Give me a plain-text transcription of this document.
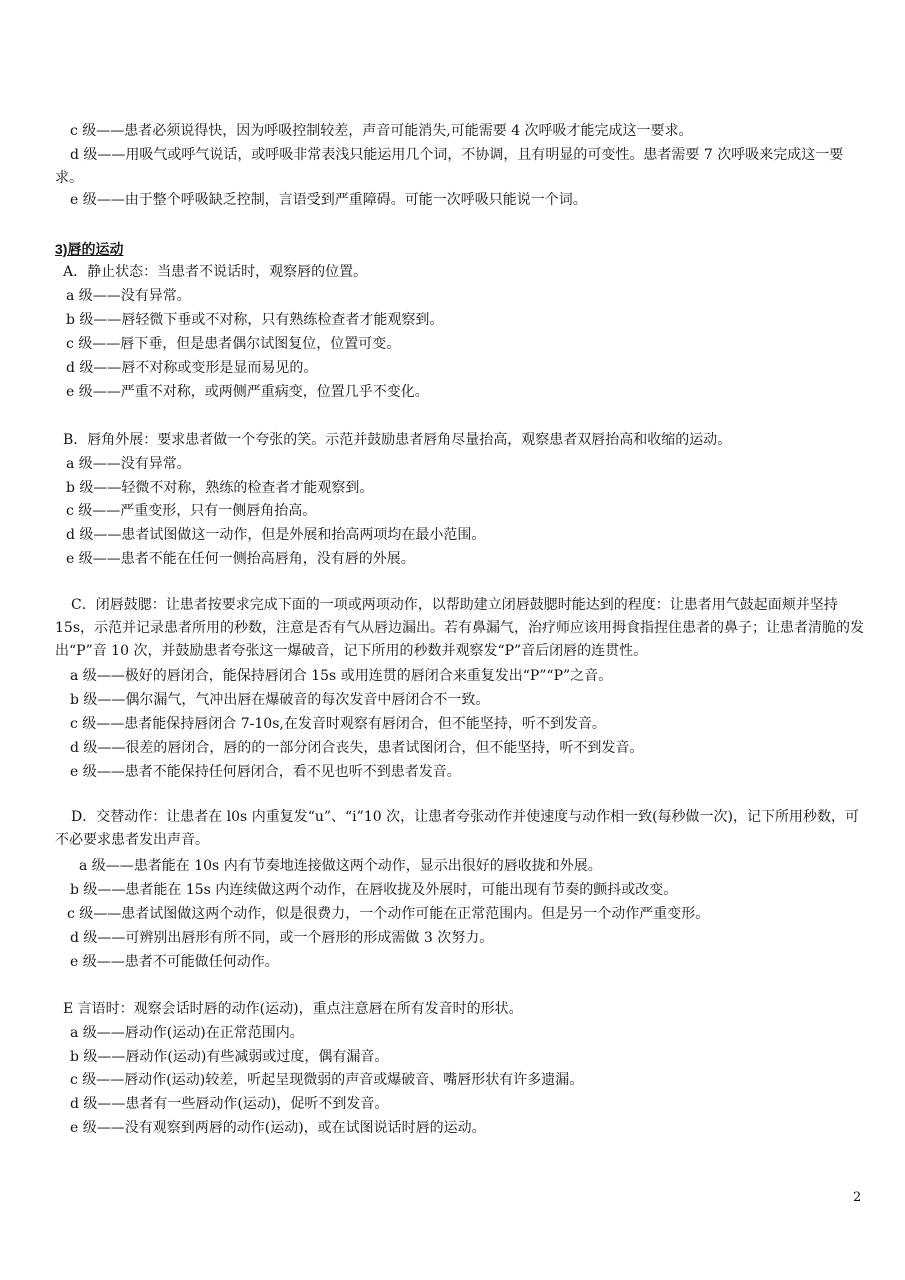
c 级——患者必须说得快，因为呼吸控制较差，声音可能消失,可能需要 4 次呼吸才能完成这一要求。
d 级——用吸气或呼气说话，或呼吸非常表浅只能运用几个词，不协调，且有明显的可变性。患者需要 7 次呼吸来完成这一要求。
e 级——由于整个呼吸缺乏控制，言语受到严重障碍。可能一次呼吸只能说一个词。
3)唇的运动
A．静止状态：当患者不说话时，观察唇的位置。
a 级——没有异常。
b 级——唇轻微下垂或不对称，只有熟练检查者才能观察到。
c 级——唇下垂，但是患者偶尔试图复位，位置可变。
d 级——唇不对称或变形是显而易见的。
e 级——严重不对称，或两侧严重病变，位置几乎不变化。
B．唇角外展：要求患者做一个夸张的笑。示范并鼓励患者唇角尽量抬高，观察患者双唇抬高和收缩的运动。
a 级——没有异常。
b 级——轻微不对称，熟练的检查者才能观察到。
c 级——严重变形，只有一侧唇角抬高。
d 级——患者试图做这一动作，但是外展和抬高两项均在最小范围。
e 级——患者不能在任何一侧抬高唇角，没有唇的外展。
C．闭唇鼓腮：让患者按要求完成下面的一项或两项动作，以帮助建立闭唇鼓腮时能达到的程度：让患者用气鼓起面颊并坚持 15s，示范并记录患者所用的秒数，注意是否有气从唇边漏出。若有鼻漏气，治疗师应该用拇食指捏住患者的鼻子；让患者清脆的发出“P”音 10 次，并鼓励患者夸张这一爆破音，记下所用的秒数并观察发“P”音后闭唇的连贯性。
a 级——极好的唇闭合，能保持唇闭合 15s 或用连贯的唇闭合来重复发出“P”“P”之音。
b 级——偶尔漏气，气冲出唇在爆破音的每次发音中唇闭合不一致。
c 级——患者能保持唇闭合 7-10s,在发音时观察有唇闭合，但不能坚持，听不到发音。
d 级——很差的唇闭合，唇的的一部分闭合丧失，患者试图闭合，但不能坚持，听不到发音。
e 级——患者不能保持任何唇闭合，看不见也听不到患者发音。
D．交替动作：让患者在 l0s 内重复发“u”、“i”10 次，让患者夸张动作并使速度与动作相一致(每秒做一次)，记下所用秒数，可不必要求患者发出声音。
a 级——患者能在 10s 内有节奏地连接做这两个动作，显示出很好的唇收拢和外展。
b 级——患者能在 15s 内连续做这两个动作，在唇收拢及外展时，可能出现有节奏的颤抖或改变。
c 级——患者试图做这两个动作，似是很费力，一个动作可能在正常范围内。但是另一个动作严重变形。
d 级——可辨别出唇形有所不同，或一个唇形的形成需做 3 次努力。
e 级——患者不可能做任何动作。
E 言语时：观察会话时唇的动作(运动)，重点注意唇在所有发音时的形状。
a 级——唇动作(运动)在正常范围内。
b 级——唇动作(运动)有些减弱或过度，偶有漏音。
c 级——唇动作(运动)较差，听起呈现微弱的声音或爆破音、嘴唇形状有许多遗漏。
d 级——患者有一些唇动作(运动)，促听不到发音。
e 级——没有观察到两唇的动作(运动)，或在试图说话时唇的运动。
2
